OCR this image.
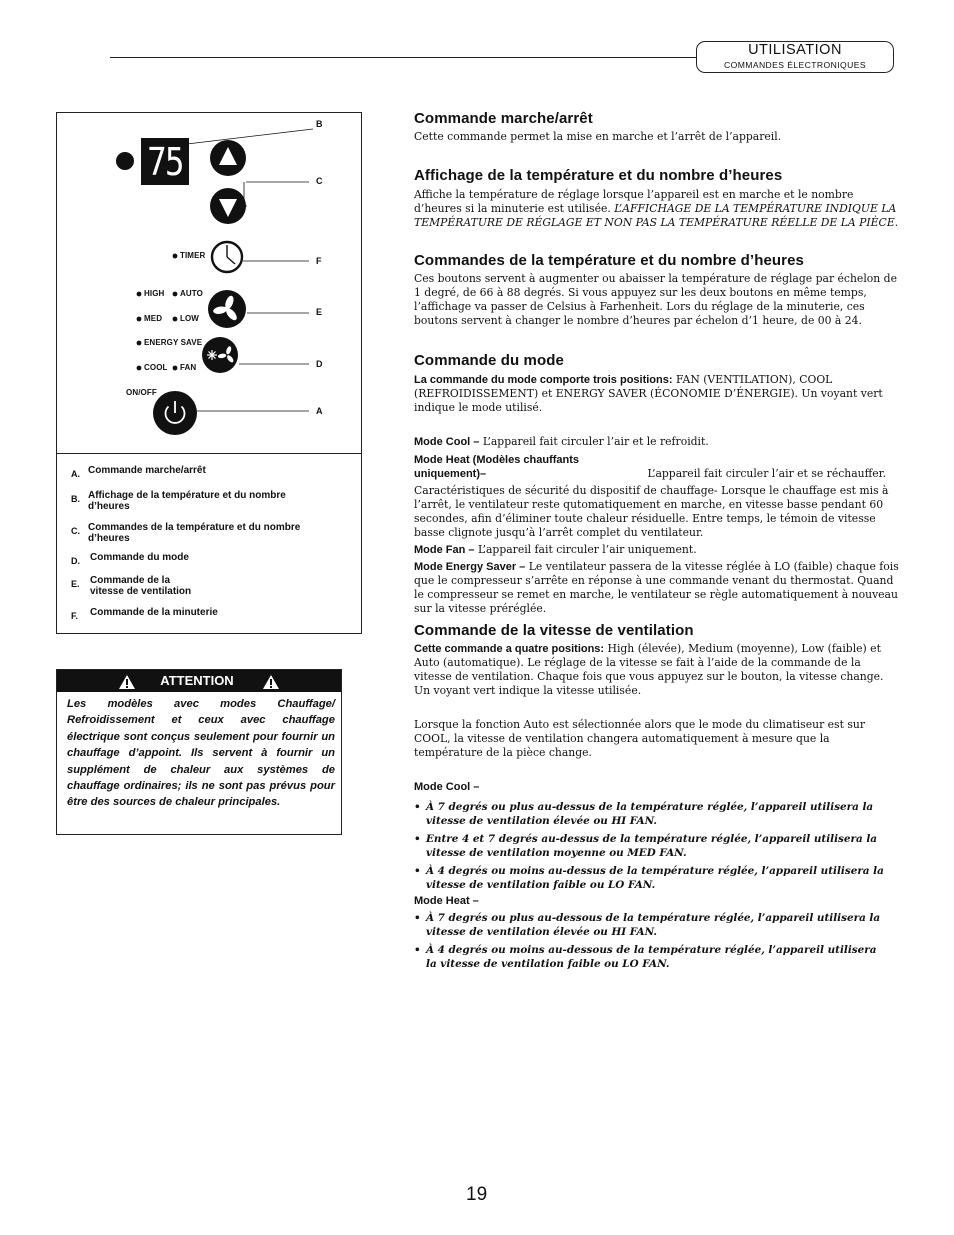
UTILISATION
COMMANDES ÉLECTRONIQUES
75
TIMER
HIGH AUTO
MED LOW
ENERGY SAVE
COOL FAN
ON/OFF
B
C
F
E
D
A
A. Commande marche/arrêt
B. Affichage de la température et du nombre d’heures
C. Commandes de la température et du nombre d’heures
D. Commande du mode
E. Commande de la vitesse de ventilation
F. Commande de la minuterie
ATTENTION
Les modèles avec modes Chauffage/ Refroidissement et ceux avec chauffage électrique sont conçus seulement pour fournir un chauffage d’appoint. Ils servent à fournir un supplément de chaleur aux systèmes de chauffage ordinaires; ils ne sont pas prévus pour être des sources de chaleur principales.
Commande marche/arrêt
Cette commande permet la mise en marche et l’arrêt de l’appareil.
Affichage de la température et du nombre d’heures
Affiche la température de réglage lorsque l’appareil est en marche et le nombre d’heures si la minuterie est utilisée. L’AFFICHAGE DE LA TEMPÉRATURE INDIQUE LA TEMPÉRATURE DE RÉGLAGE ET NON PAS LA TEMPÉRATURE RÉELLE DE LA PIÈCE.
Commandes de la température et du nombre d’heures
Ces boutons servent à augmenter ou abaisser la température de réglage par échelon de 1 degré, de 66 à 88 degrés. Si vous appuyez sur les deux boutons en même temps, l’affichage va passer de Celsius à Farhenheit. Lors du réglage de la minuterie, ces boutons servent à changer le nombre d’heures par échelon d’1 heure, de 00 à 24.
Commande du mode
La commande du mode comporte trois positions: FAN (VENTILATION), COOL (REFROIDISSEMENT) et ENERGY SAVER (ÉCONOMIE D’ÉNERGIE). Un voyant vert indique le mode utilisé.
Mode Cool – L’appareil fait circuler l’air et le refroidit.
Mode Heat (Modèles chauffants uniquement)–	L’appareil fait circuler l’air et se réchauffer.
Caractéristiques de sécurité du dispositif de chauffage- Lorsque le chauffage est mis à l’arrêt, le ventilateur reste qutomatiquement en marche, en vitesse basse pendant 60 secondes, afin d’éliminer toute chaleur résiduelle. Entre temps, le témoin de vitesse basse clignote jusqu’à l’arrêt complet du ventilateur.
Mode Fan – L’appareil fait circuler l’air uniquement.
Mode Energy Saver – Le ventilateur passera de la vitesse réglée à LO (faible) chaque fois que le compresseur s’arrête en réponse à une commande venant du thermostat. Quand le compresseur se remet en marche, le ventilateur se règle automatiquement à nouveau sur la vitesse préréglée.
Commande de la vitesse de ventilation
Cette commande a quatre positions: High (élevée), Medium (moyenne), Low (faible) et Auto (automatique). Le réglage de la vitesse se fait à l’aide de la commande de la vitesse de ventilation. Chaque fois que vous appuyez sur le bouton, la vitesse change. Un voyant vert indique la vitesse utilisée.
Lorsque la fonction Auto est sélectionnée alors que le mode du climatiseur est sur COOL, la vitesse de ventilation changera automatiquement à mesure que la température de la pièce change.
Mode Cool –
• À 7 degrés ou plus au-dessus de la température réglée, l’appareil utilisera la vitesse de ventilation élevée ou HI FAN.
• Entre 4 et 7 degrés au-dessus de la température réglée, l’appareil utilisera la vitesse de ventilation moyenne ou MED FAN.
• À 4 degrés ou moins au-dessus de la température réglée, l’appareil utilisera la vitesse de ventilation faible ou LO FAN.
Mode Heat –
• À 7 degrés ou plus au-dessous de la température réglée, l’appareil utilisera la vitesse de ventilation élevée ou HI FAN.
• À 4 degrés ou moins au-dessous de la température réglée, l’appareil utilisera la vitesse de ventilation faible ou LO FAN.
19
